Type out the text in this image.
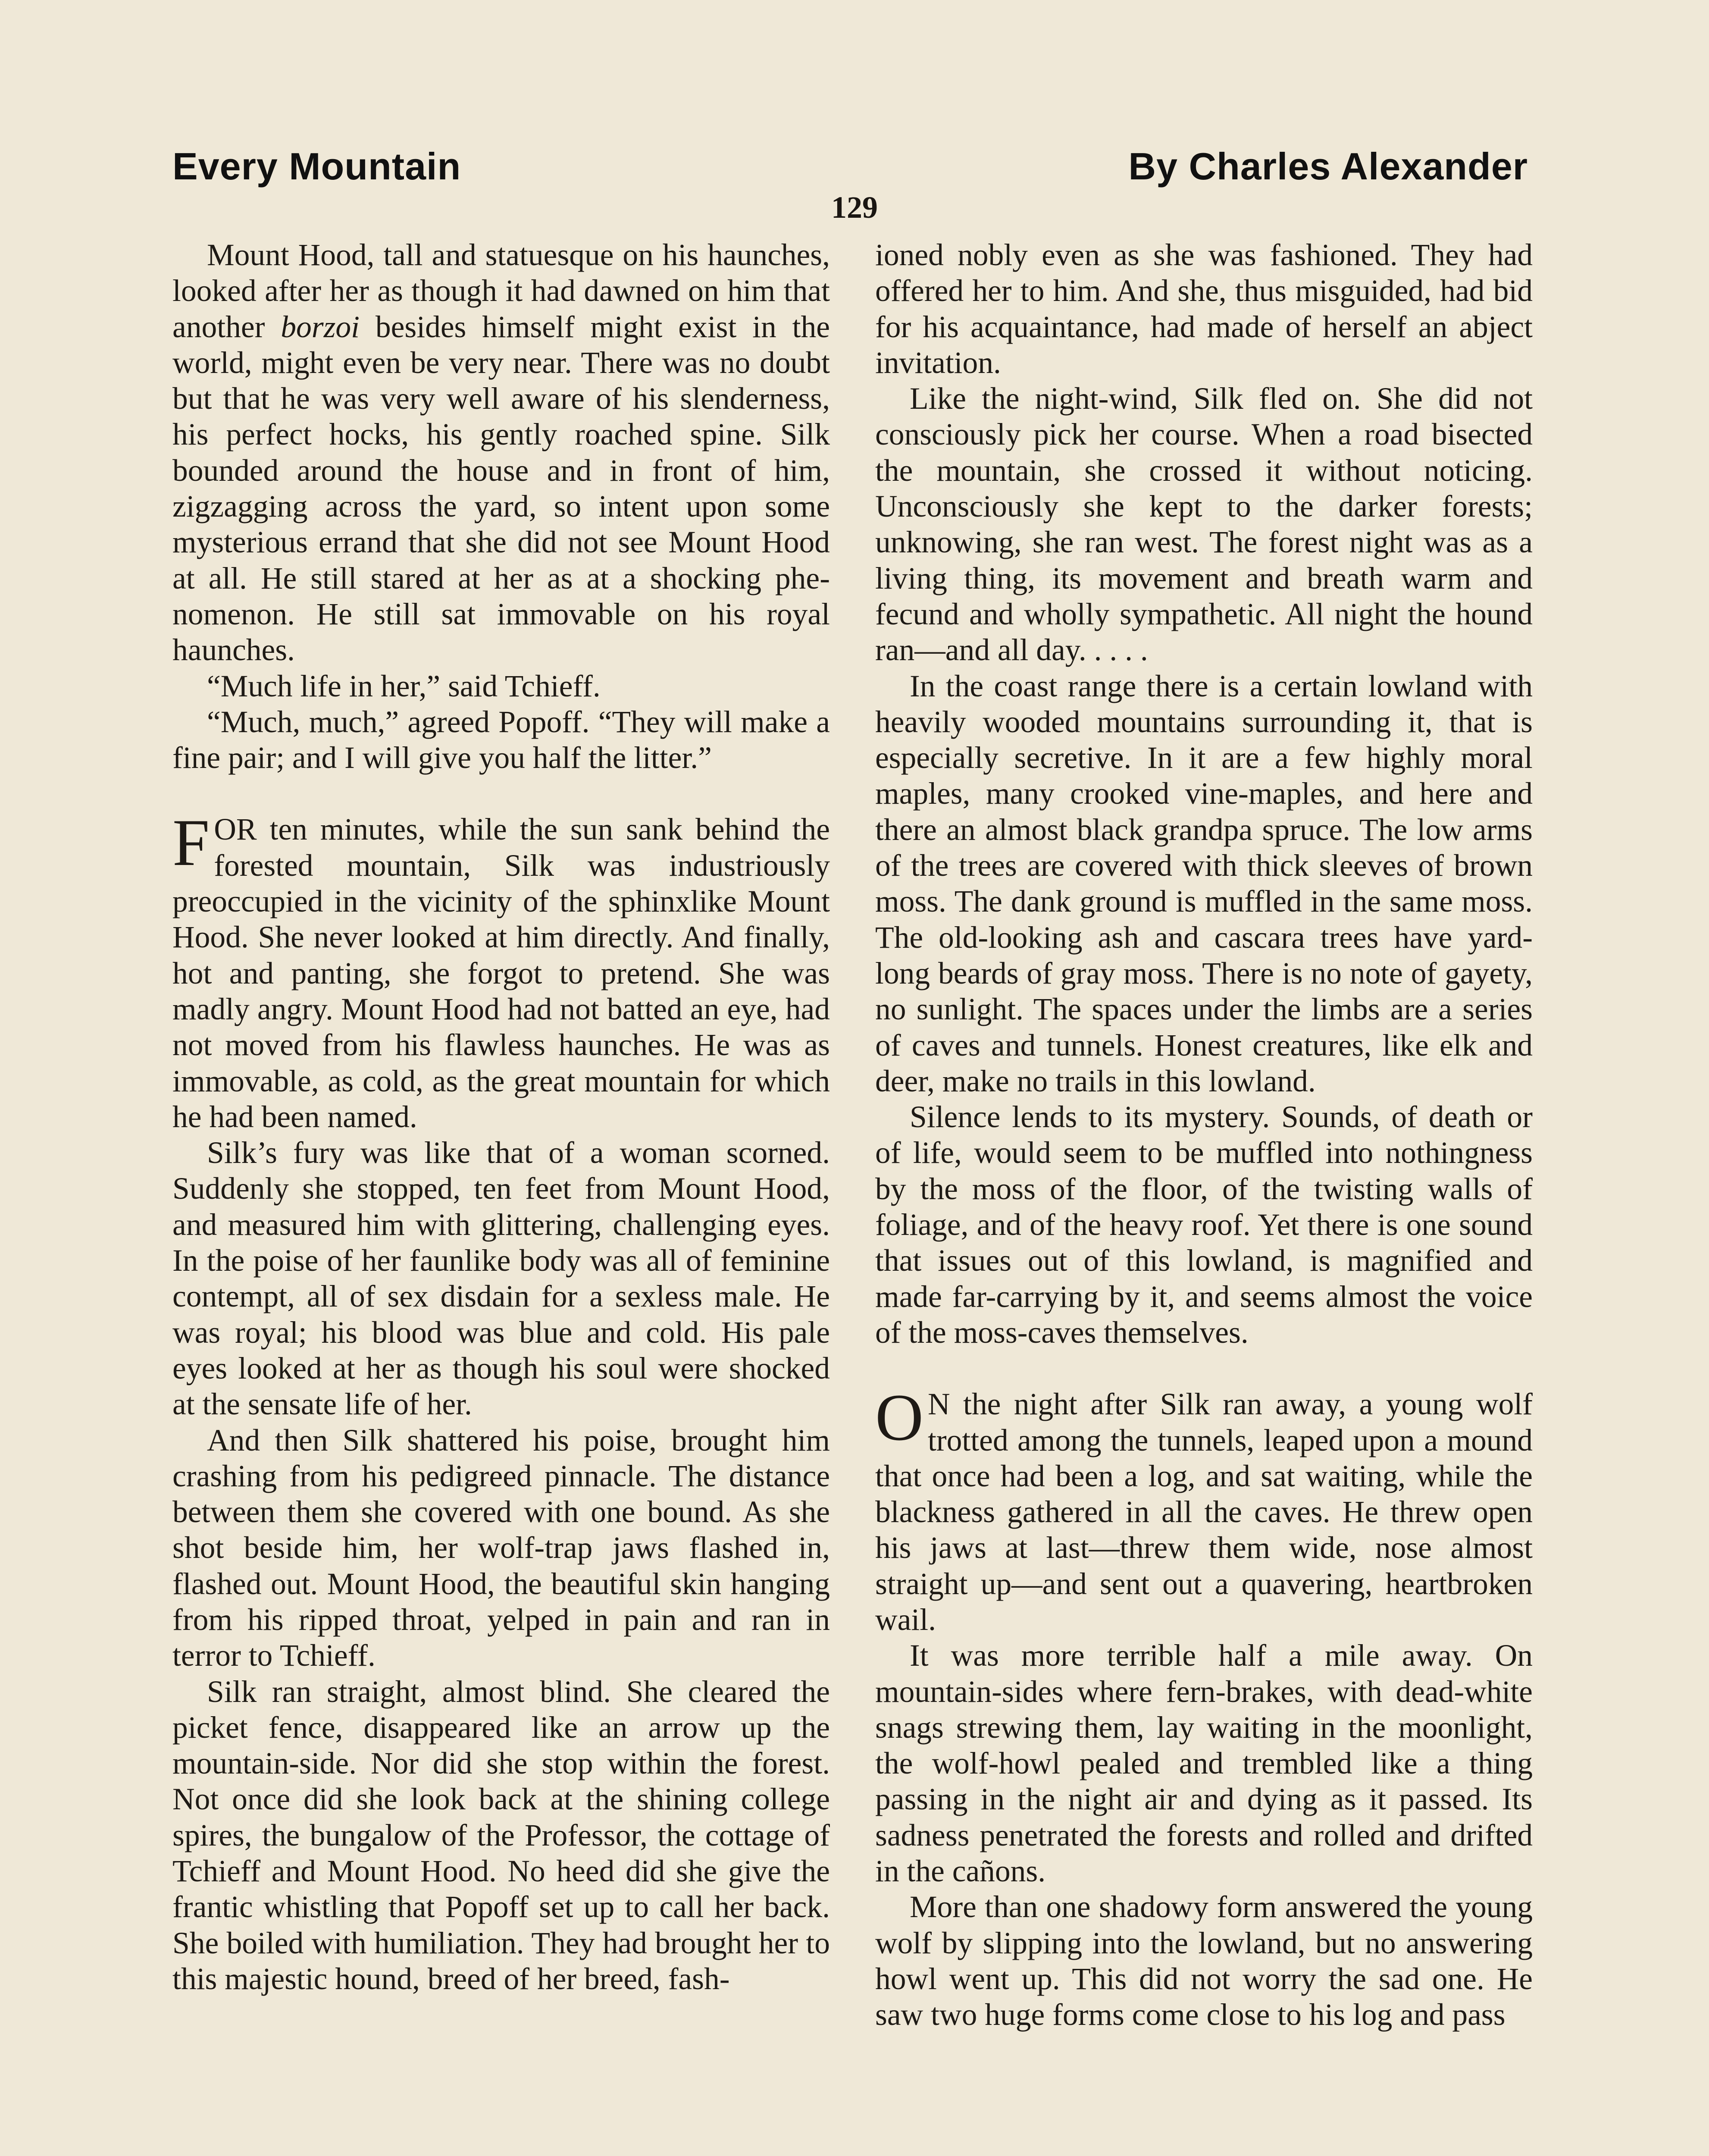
Every Mountain	By Charles Alexander
129

Mount Hood, tall and statuesque on his haunches, looked after her as though it had dawned on him that another borzoi besides himself might exist in the world, might even be very near. There was no doubt but that he was very well aware of his slenderness, his perfect hocks, his gently roached spine. Silk bounded around the house and in front of him, zigzagging across the yard, so intent upon some mysterious errand that she did not see Mount Hood at all. He still stared at her as at a shocking phenomenon. He still sat immovable on his royal haunches.

“Much life in her,” said Tchieff.

“Much, much,” agreed Popoff. “They will make a fine pair; and I will give you half the litter.”

FOR ten minutes, while the sun sank behind the forested mountain, Silk was industriously preoccupied in the vicinity of the sphinxlike Mount Hood. She never looked at him directly. And finally, hot and panting, she forgot to pretend. She was madly angry. Mount Hood had not batted an eye, had not moved from his flawless haunches. He was as immovable, as cold, as the great mountain for which he had been named.

Silk’s fury was like that of a woman scorned. Suddenly she stopped, ten feet from Mount Hood, and measured him with glittering, challenging eyes. In the poise of her faunlike body was all of feminine contempt, all of sex disdain for a sexless male. He was royal; his blood was blue and cold. His pale eyes looked at her as though his soul were shocked at the sensate life of her.

And then Silk shattered his poise, brought him crashing from his pedigreed pinnacle. The distance between them she covered with one bound. As she shot beside him, her wolf-trap jaws flashed in, flashed out. Mount Hood, the beautiful skin hanging from his ripped throat, yelped in pain and ran in terror to Tchieff.

Silk ran straight, almost blind. She cleared the picket fence, disappeared like an arrow up the mountain-side. Nor did she stop within the forest. Not once did she look back at the shining college spires, the bungalow of the Professor, the cottage of Tchieff and Mount Hood. No heed did she give the frantic whistling that Popoff set up to call her back. She boiled with humiliation. They had brought her to this majestic hound, breed of her breed, fash-

ioned nobly even as she was fashioned. They had offered her to him. And she, thus misguided, had bid for his acquaintance, had made of herself an abject invitation.

Like the night-wind, Silk fled on. She did not consciously pick her course. When a road bisected the mountain, she crossed it without noticing. Unconsciously she kept to the darker forests; unknowing, she ran west. The forest night was as a living thing, its movement and breath warm and fecund and wholly sympathetic. All night the hound ran—and all day. . . . .

In the coast range there is a certain lowland with heavily wooded mountains surrounding it, that is especially secretive. In it are a few highly moral maples, many crooked vine-maples, and here and there an almost black grandpa spruce. The low arms of the trees are covered with thick sleeves of brown moss. The dank ground is muffled in the same moss. The old-looking ash and cascara trees have yard-long beards of gray moss. There is no note of gayety, no sunlight. The spaces under the limbs are a series of caves and tunnels. Honest creatures, like elk and deer, make no trails in this lowland.

Silence lends to its mystery. Sounds, of death or of life, would seem to be muffled into nothingness by the moss of the floor, of the twisting walls of foliage, and of the heavy roof. Yet there is one sound that issues out of this lowland, is magnified and made far-carrying by it, and seems almost the voice of the moss-caves themselves.

O N the night after Silk ran away, a young wolf trotted among the tunnels, leaped upon a mound that once had been a log, and sat waiting, while the blackness gathered in all the caves. He threw open his jaws at last—threw them wide, nose almost straight up—and sent out a quavering, heartbroken wail.

It was more terrible half a mile away. On mountain-sides where fern-brakes, with dead-white snags strewing them, lay waiting in the moonlight, the wolf-howl pealed and trembled like a thing passing in the night air and dying as it passed. Its sadness penetrated the forests and rolled and drifted in the cañons.

More than one shadowy form answered the young wolf by slipping into the lowland, but no answering howl went up. This did not worry the sad one. He saw two huge forms come close to his log and pass
